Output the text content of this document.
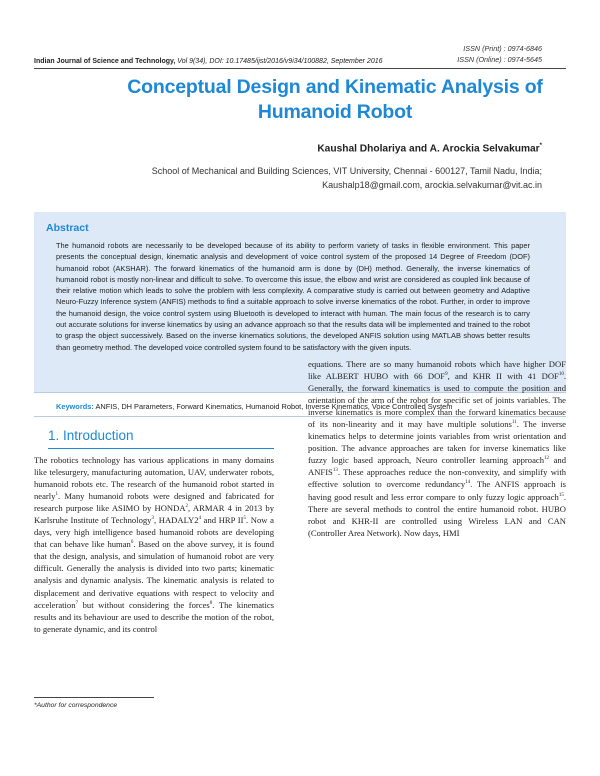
ISSN (Print) : 0974-6846
ISSN (Online) : 0974-5645
Indian Journal of Science and Technology, Vol 9(34), DOI: 10.17485/ijst/2016/v9i34/100882, September 2016
Conceptual Design and Kinematic Analysis of
Humanoid Robot
Kaushal Dholariya and A. Arockia Selvakumar*
School of Mechanical and Building Sciences, VIT University, Chennai - 600127, Tamil Nadu, India;
Kaushalp18@gmail.com, arockia.selvakumar@vit.ac.in
Abstract
The humanoid robots are necessarily to be developed because of its ability to perform variety of tasks in flexible environment. This paper presents the conceptual design, kinematic analysis and development of voice control system of the proposed 14 Degree of Freedom (DOF) humanoid robot (AKSHAR). The forward kinematics of the humanoid arm is done by (DH) method. Generally, the inverse kinematics of humanoid robot is mostly non-linear and difficult to solve. To overcome this issue, the elbow and wrist are considered as coupled link because of their relative motion which leads to solve the problem with less complexity. A comparative study is carried out between geometry and Adaptive Neuro-Fuzzy Inference system (ANFIS) methods to find a suitable approach to solve inverse kinematics of the robot. Further, in order to improve the humanoid design, the voice control system using Bluetooth is developed to interact with human. The main focus of the research is to carry out accurate solutions for inverse kinematics by using an advance approach so that the results data will be implemented and trained to the robot to grasp the object successively. Based on the inverse kinematics solutions, the developed ANFIS solution using MATLAB shows better results than geometry method. The developed voice controlled system found to be satisfactory with the given inputs.
Keywords: ANFIS, DH Parameters, Forward Kinematics, Humanoid Robot, Inverse Kinematics, Voice Controlled System
1. Introduction
The robotics technology has various applications in many domains like telesurgery, manufacturing automation, UAV, underwater robots, humanoid robots etc. The research of the humanoid robot started in nearly$^1$. Many humanoid robots were designed and fabricated for research purpose like ASIMO by HONDA$^2$, ARMAR 4 in 2013 by Karlsruhe Institute of Technology$^3$, $HADALY2^4$ and HRP $II^5$. Now a days, very high intelligence based humanoid robots are developing that can behave like human$^6$. Based on the above survey, it is found that the design, analysis, and simulation of humanoid robot are very difficult. Generally the analysis is divided into two parts; kinematic analysis and dynamic analysis. The kinematic analysis is related to displacement and derivative equations with respect to velocity and acceleration$^7$ but without considering the forces$^8$. The kinematics results and its behaviour are used to describe the motion of the robot, to generate dynamic, and its control
equations. There are so many humanoid robots which have higher DOF like ALBERT HUBO with 66 DOF$^9$, and KHR II with 41 DOF$^{10}$. Generally, the forward kinematics is used to compute the position and orientation of the arm of the robot for specific set of joints variables. The inverse kinematics is more complex than the forward kinematics because of its non-linearity and it may have multiple solutions$^{11}$. The inverse kinematics helps to determine joints variables from wrist orientation and position. The advance approaches are taken for inverse kinematics like fuzzy logic based approach, Neuro controller learning approach$^{12}$ and ANFIS$^{13}$. These approaches reduce the non-convexity, and simplify with effective solution to overcome redundancy$^{14}$. The ANFIS approach is having good result and less error compare to only fuzzy logic approach$^{15}$. There are several methods to control the entire humanoid robot. HUBO robot and KHR-II are controlled using Wireless LAN and CAN (Controller Area Network). Now days, HMI
*Author for correspondence
